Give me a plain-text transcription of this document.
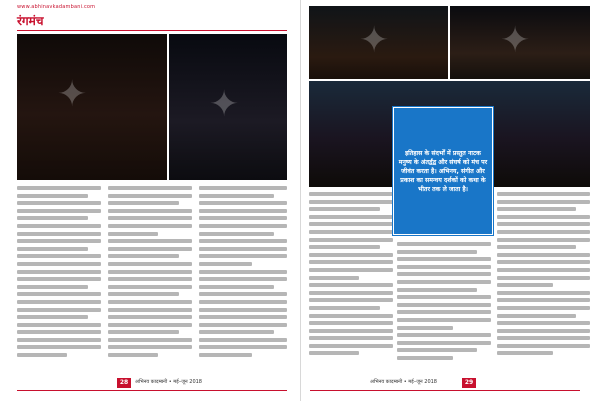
www.abhinavkadambani.com
रंगमंच
✦	✦
28	अभिनव कादम्बनी • मई–जून 2018
✦	✦
इतिहास के संदर्भों में प्रस्तुत नाटक मनुष्य के अंतर्द्वंद्व और संघर्ष को मंच पर जीवंत करता है। अभिनय, संगीत और प्रकाश का समन्वय दर्शकों को कथा के भीतर तक ले जाता है।
अभिनव कादम्बनी • मई–जून 2018	29
